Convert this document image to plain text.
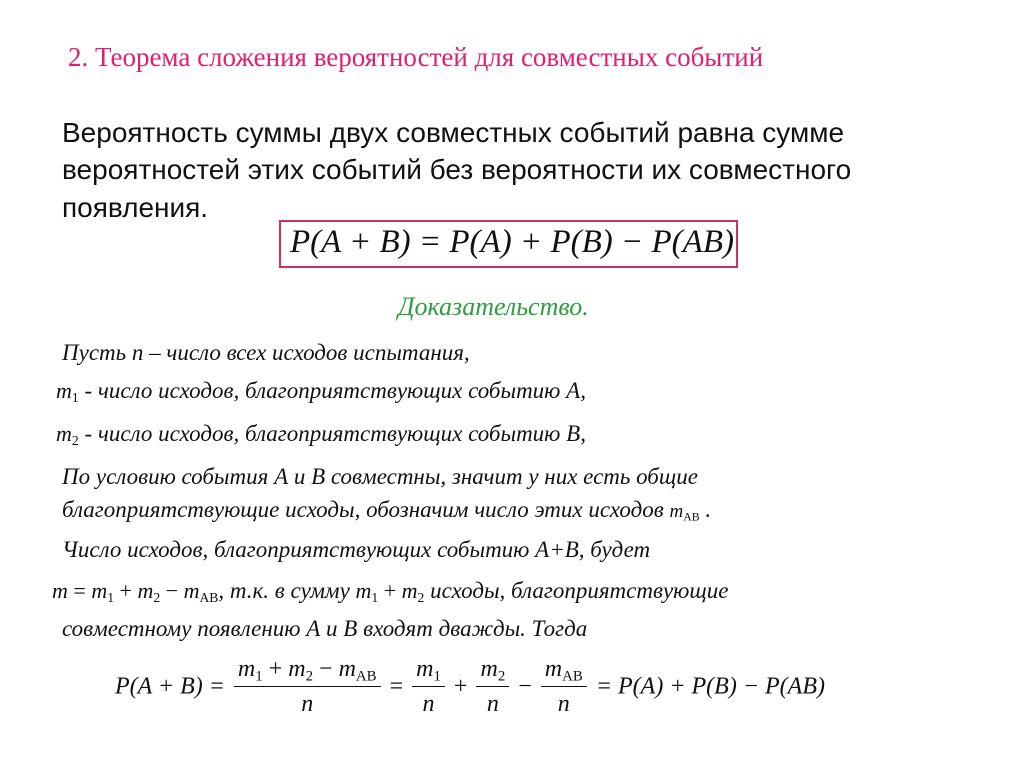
2. Теорема сложения вероятностей для совместных событий
Вероятность суммы двух совместных событий равна сумме
вероятностей этих событий без вероятности их совместного
появления.
P(A + B) = P(A) + P(B) − P(AB)
Доказательство.
Пусть n – число всех исходов испытания,
$m_1$ - число исходов, благоприятствующих событию А,
$m_2$ - число исходов, благоприятствующих событию В,
По условию события А и В совместны, значит у них есть общие
благоприятствующие исходы, обозначим число этих исходов $m_{AB}$ .
Число исходов, благоприятствующих событию А+В, будет
$m = m_1 + m_2 - m_{AB}$, т.к. в сумму $m_1 + m_2$ исходы, благоприятствующие
совместному появлению А и В входят дважды. Тогда
$P(A + B) = \frac{m_1 + m_2 - m_{AB}}{n} = \frac{m_1}{n} + \frac{m_2}{n} - \frac{m_{AB}}{n} = P(A) + P(B) - P(AB)$
